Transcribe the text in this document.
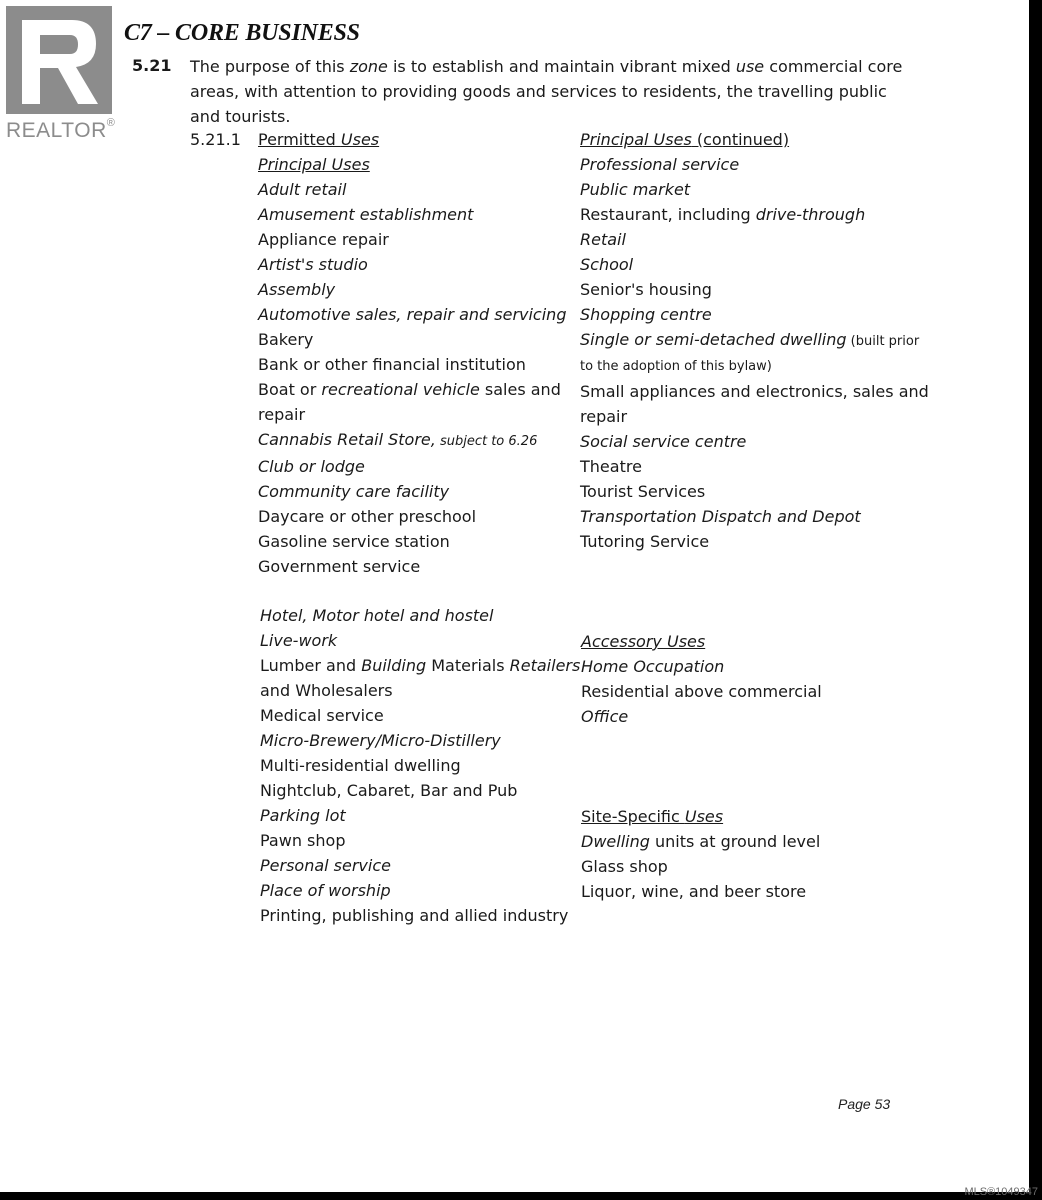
REALTOR®
C7 – CORE BUSINESS
5.21 The purpose of this zone is to establish and maintain vibrant mixed use commercial core areas, with attention to providing goods and services to residents, the travelling public and tourists.
5.21.1 Permitted Uses
Principal Uses
Adult retail
Amusement establishment
Appliance repair
Artist's studio
Assembly
Automotive sales, repair and servicing
Bakery
Bank or other financial institution
Boat or recreational vehicle sales and
repair
Cannabis Retail Store, subject to 6.26
Club or lodge
Community care facility
Daycare or other preschool
Gasoline service station
Government service
Hotel, Motor hotel and hostel
Live-work
Lumber and Building Materials Retailers
and Wholesalers
Medical service
Micro-Brewery/Micro-Distillery
Multi-residential dwelling
Nightclub, Cabaret, Bar and Pub
Parking lot
Pawn shop
Personal service
Place of worship
Printing, publishing and allied industry
Principal Uses (continued)
Professional service
Public market
Restaurant, including drive-through
Retail
School
Senior's housing
Shopping centre
Single or semi-detached dwelling (built prior
to the adoption of this bylaw)
Small appliances and electronics, sales and
repair
Social service centre
Theatre
Tourist Services
Transportation Dispatch and Depot
Tutoring Service
Accessory Uses
Home Occupation
Residential above commercial
Office
Site-Specific Uses
Dwelling units at ground level
Glass shop
Liquor, wine, and beer store
Page 53
MLS®1049347
